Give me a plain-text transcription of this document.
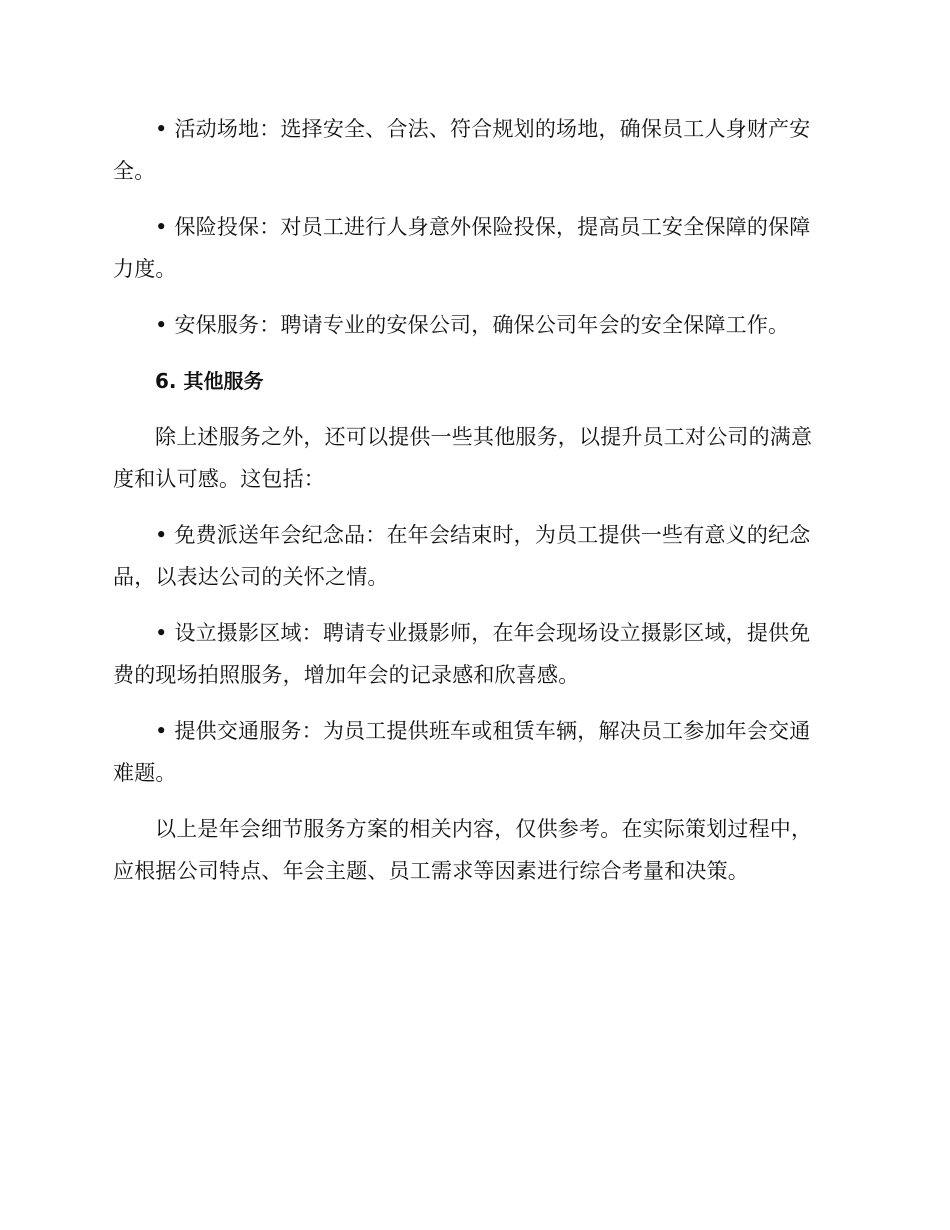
• 活动场地：选择安全、合法、符合规划的场地，确保员工人身财产安全。

• 保险投保：对员工进行人身意外保险投保，提高员工安全保障的保障力度。

• 安保服务：聘请专业的安保公司，确保公司年会的安全保障工作。

6. 其他服务

除上述服务之外，还可以提供一些其他服务，以提升员工对公司的满意度和认可感。这包括：

• 免费派送年会纪念品：在年会结束时，为员工提供一些有意义的纪念品，以表达公司的关怀之情。

• 设立摄影区域：聘请专业摄影师，在年会现场设立摄影区域，提供免费的现场拍照服务，增加年会的记录感和欣喜感。

• 提供交通服务：为员工提供班车或租赁车辆，解决员工参加年会交通难题。

以上是年会细节服务方案的相关内容，仅供参考。在实际策划过程中，应根据公司特点、年会主题、员工需求等因素进行综合考量和决策。
